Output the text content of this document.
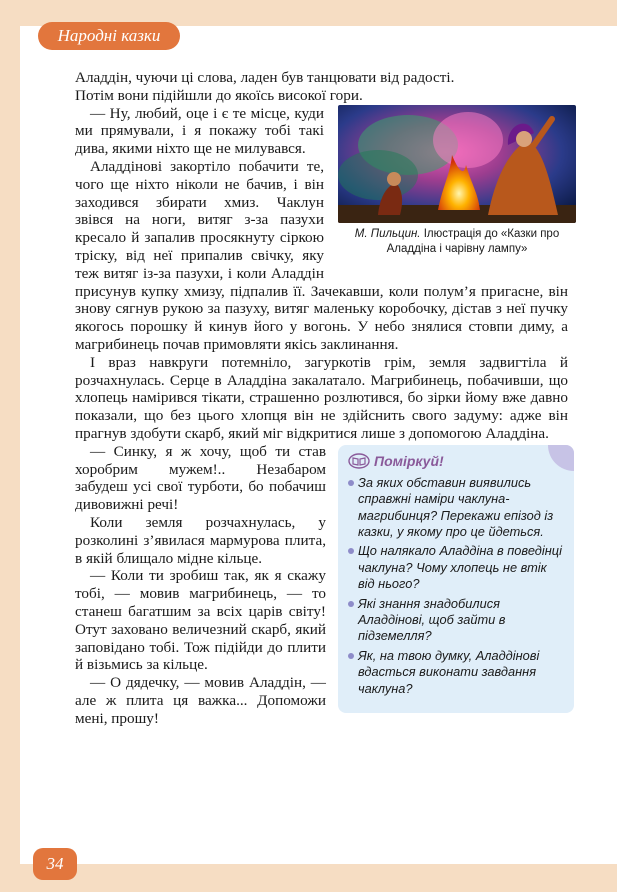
Народні казки

Аладдін, чуючи ці слова, ладен був танцювати від радості.

Потім вони підійшли до якоїсь високої гори.

М. Пильцин. Ілюстрація до «Казки про Аладдіна і чарівну лампу»

— Ну, любий, оце і є те місце, куди ми прямували, і я покажу тобі такі дива, якими ніхто ще не милувався.

Аладдінові закортіло побачити те, чого ще ніхто ніколи не бачив, і він заходився збирати хмиз. Чаклун звівся на ноги, витяг з-за пазухи кресало й запалив просякнуту сіркою тріску, від неї припалив свічку, яку теж витяг із-за пазухи, і коли Аладдін присунув купку хмизу, підпалив її. Зачекавши, коли полум’я пригасне, він знову сягнув рукою за пазуху, витяг маленьку коробочку, дістав з неї пучку якогось порошку й кинув його у вогонь. У небо знялися стовпи диму, а магрибинець почав примовляти якісь заклинання.

І враз навкруги потемніло, загуркотів грім, земля задвигтіла й розчахнулась. Серце в Аладдіна закалатало. Магрибинець, побачивши, що хлопець намірився тікати, страшенно розлютився, бо зірки йому вже давно показали, що без цього хлопця він не здійснить свого задуму: адже він прагнув здобути скарб, який міг відкритися лише з допомогою Аладдіна.

Поміркуй!
За яких обставин виявились справжні наміри чаклуна-магрибинця? Перекажи епізод із казки, у якому про це йдеться.
Що налякало Аладдіна в поведінці чаклуна? Чому хлопець не втік від нього?
Які знання знадобилися Аладдінові, щоб зайти в підземелля?
Як, на твою думку, Аладдінові вдасться виконати завдання чаклуна?

— Синку, я ж хочу, щоб ти став хоробрим мужем!.. Незабаром забудеш усі свої турботи, бо побачиш дивовижні речі!

Коли земля розчахнулась, у розколині з’явилася мармурова плита, в якій блищало мідне кільце.

— Коли ти зробиш так, як я скажу тобі, — мовив магрибинець, — то станеш багатшим за всіх царів світу! Отут заховано величезний скарб, який заповідано тобі. Тож підійди до плити й візьмись за кільце.

— О дядечку, — мовив Аладдін, — але ж плита ця важка... Допоможи мені, прошу!

34
